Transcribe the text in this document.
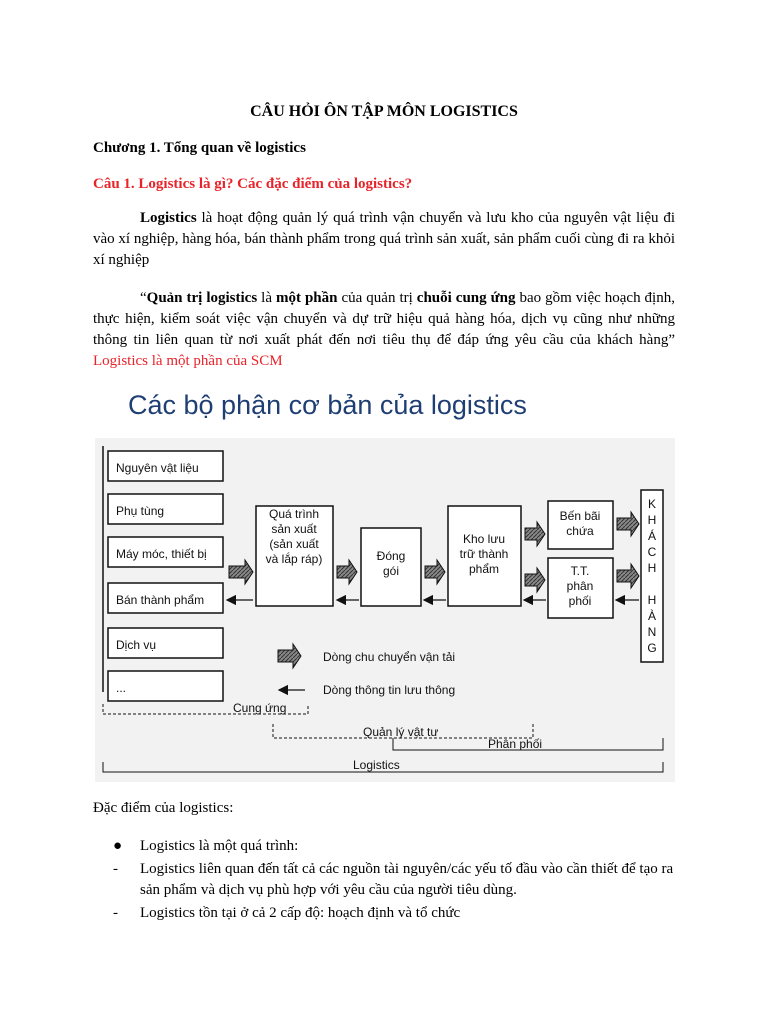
CÂU HỎI ÔN TẬP MÔN LOGISTICS
Chương 1. Tổng quan về logistics
Câu 1. Logistics là gì? Các đặc điểm của logistics?
Logistics là hoạt động quản lý quá trình vận chuyển và lưu kho của nguyên vật liệu đi vào xí nghiệp, hàng hóa, bán thành phẩm trong quá trình sản xuất, sản phẩm cuối cùng đi ra khỏi xí nghiệp
“Quản trị logistics là một phần của quản trị chuỗi cung ứng bao gồm việc hoạch định, thực hiện, kiểm soát việc vận chuyển và dự trữ hiệu quả hàng hóa, dịch vụ cũng như những thông tin liên quan từ nơi xuất phát đến nơi tiêu thụ để đáp ứng yêu cầu của khách hàng” Logistics là một phần của SCM
Các bộ phận cơ bản của logistics
Nguyên vật liệu
Phụ tùng
Máy móc, thiết bị
Bán thành phẩm
Dịch vụ
...
Quá trình
sản xuất
(sản xuất
và lắp ráp)	Đóng
gói
Kho lưu
trữ thành
phẩm
Bến bãi
chứa
T.T.
phân
phối
K
H
Á
C
H
H
À
N
G
Dòng chu chuyển vận tải
Dòng thông tin lưu thông
Cung ứng
Quản lý vật tư
Phân phối
Logistics
Đặc điểm của logistics:
● Logistics là một quá trình:
- Logistics liên quan đến tất cả các nguồn tài nguyên/các yếu tố đầu vào cần thiết để tạo ra sản phẩm và dịch vụ phù hợp với yêu cầu của người tiêu dùng.
- Logistics tồn tại ở cả 2 cấp độ: hoạch định và tổ chức
